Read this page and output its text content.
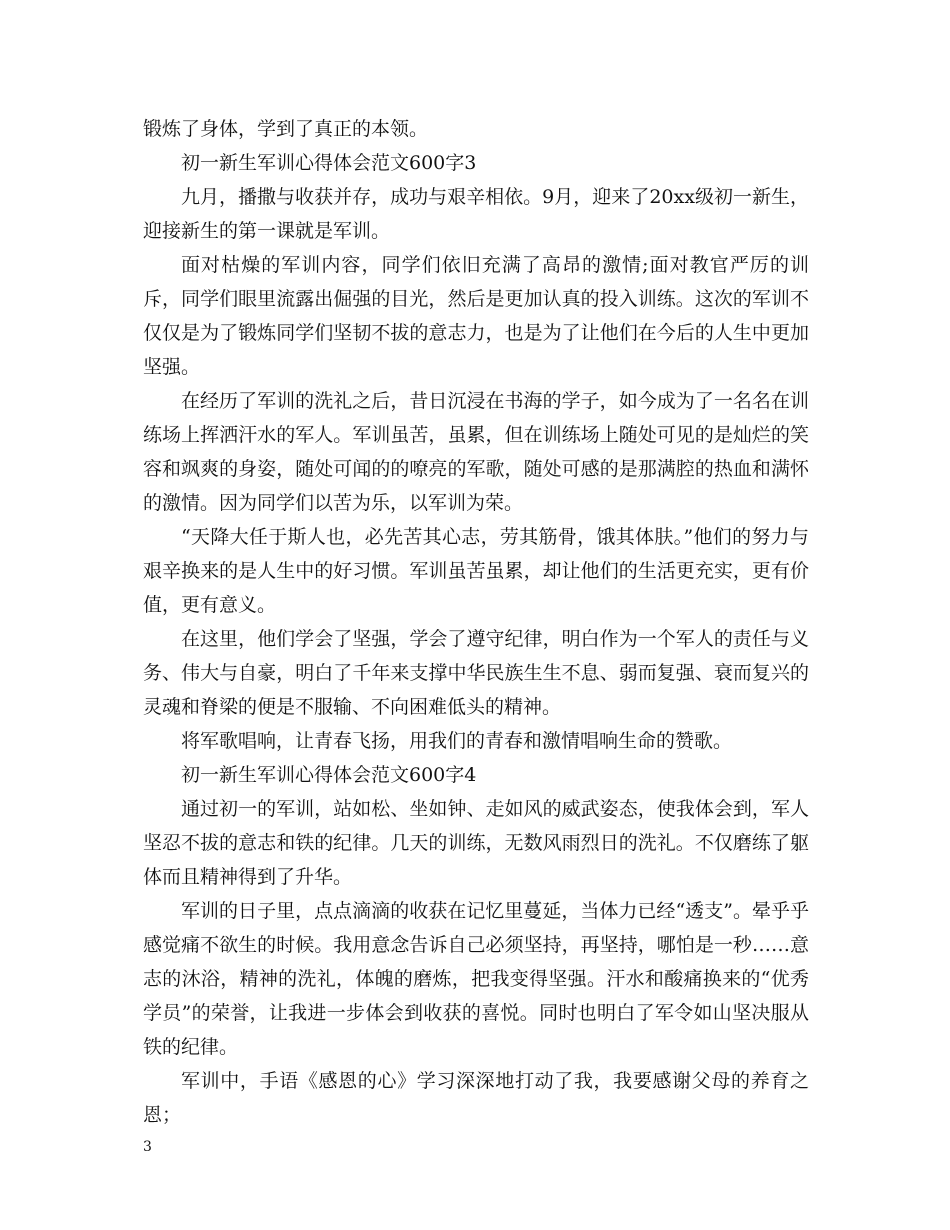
锻炼了身体，学到了真正的本领。

初一新生军训心得体会范文600字3

九月，播撒与收获并存，成功与艰辛相依。9月，迎来了20xx级初一新生，迎接新生的第一课就是军训。

面对枯燥的军训内容，同学们依旧充满了高昂的激情;面对教官严厉的训斥，同学们眼里流露出倔强的目光，然后是更加认真的投入训练。这次的军训不仅仅是为了锻炼同学们坚韧不拔的意志力，也是为了让他们在今后的人生中更加坚强。

在经历了军训的洗礼之后，昔日沉浸在书海的学子，如今成为了一名名在训练场上挥洒汗水的军人。军训虽苦，虽累，但在训练场上随处可见的是灿烂的笑容和飒爽的身姿，随处可闻的的嘹亮的军歌，随处可感的是那满腔的热血和满怀的激情。因为同学们以苦为乐，以军训为荣。

“天降大任于斯人也，必先苦其心志，劳其筋骨，饿其体肤。”他们的努力与艰辛换来的是人生中的好习惯。军训虽苦虽累，却让他们的生活更充实，更有价值，更有意义。

在这里，他们学会了坚强，学会了遵守纪律，明白作为一个军人的责任与义务、伟大与自豪，明白了千年来支撑中华民族生生不息、弱而复强、衰而复兴的灵魂和脊梁的便是不服输、不向困难低头的精神。

将军歌唱响，让青春飞扬，用我们的青春和激情唱响生命的赞歌。

初一新生军训心得体会范文600字4

通过初一的军训，站如松、坐如钟、走如风的威武姿态，使我体会到，军人坚忍不拔的意志和铁的纪律。几天的训练，无数风雨烈日的洗礼。不仅磨练了躯体而且精神得到了升华。

军训的日子里，点点滴滴的收获在记忆里蔓延，当体力已经“透支”。晕乎乎感觉痛不欲生的时候。我用意念告诉自己必须坚持，再坚持，哪怕是一秒……意志的沐浴，精神的洗礼，体魄的磨炼，把我变得坚强。汗水和酸痛换来的“优秀学员”的荣誉，让我进一步体会到收获的喜悦。同时也明白了军令如山坚决服从铁的纪律。

军训中，手语《感恩的心》学习深深地打动了我，我要感谢父母的养育之恩；

3
